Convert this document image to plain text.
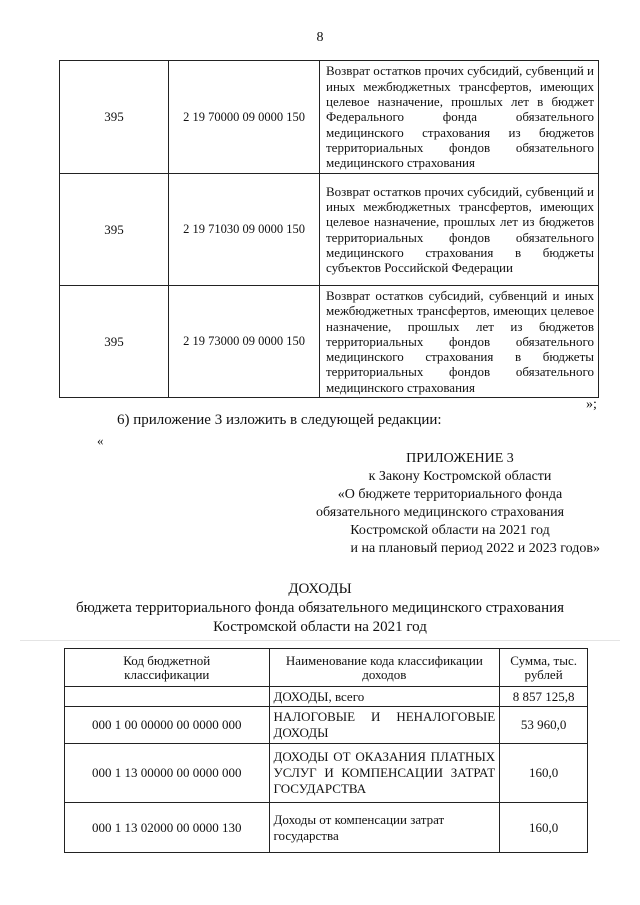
8
395	2 19 70000 09 0000 150	Возврат остатков прочих субсидий, субвенций и иных межбюджетных трансфертов, имеющих целевое назначение, прошлых лет в бюджет Федерального фонда обязательного медицинского страхования из бюджетов территориальных фондов обязательного медицинского страхования
395	2 19 71030 09 0000 150	Возврат остатков прочих субсидий, субвенций и иных межбюджетных трансфертов, имеющих целевое назначение, прошлых лет из бюджетов территориальных фондов обязательного медицинского страхования в бюджеты субъектов Российской Федерации
395	2 19 73000 09 0000 150	Возврат остатков субсидий, субвенций и иных межбюджетных трансфертов, имеющих целевое назначение, прошлых лет из бюджетов территориальных фондов обязательного медицинского страхования в бюджеты территориальных фондов обязательного медицинского страхования
»;
6) приложение 3 изложить в следующей редакции:
«
ПРИЛОЖЕНИЕ 3
к Закону Костромской области
«О бюджете территориального фонда
обязательного медицинского страхования
Костромской области на 2021 год
и на плановый период 2022 и 2023 годов»
ДОХОДЫ
бюджета территориального фонда обязательного медицинского страхования
Костромской области на 2021 год
Код бюджетной классификации	Наименование кода классификации доходов	Сумма, тыс. рублей
	ДОХОДЫ, всего	8 857 125,8
000 1 00 00000 00 0000 000	НАЛОГОВЫЕ И НЕНАЛОГОВЫЕ ДОХОДЫ	53 960,0
000 1 13 00000 00 0000 000	ДОХОДЫ ОТ ОКАЗАНИЯ ПЛАТНЫХ УСЛУГ И КОМПЕНСАЦИИ ЗАТРАТ ГОСУДАРСТВА	160,0
000 1 13 02000 00 0000 130	Доходы от компенсации затрат государства	160,0
